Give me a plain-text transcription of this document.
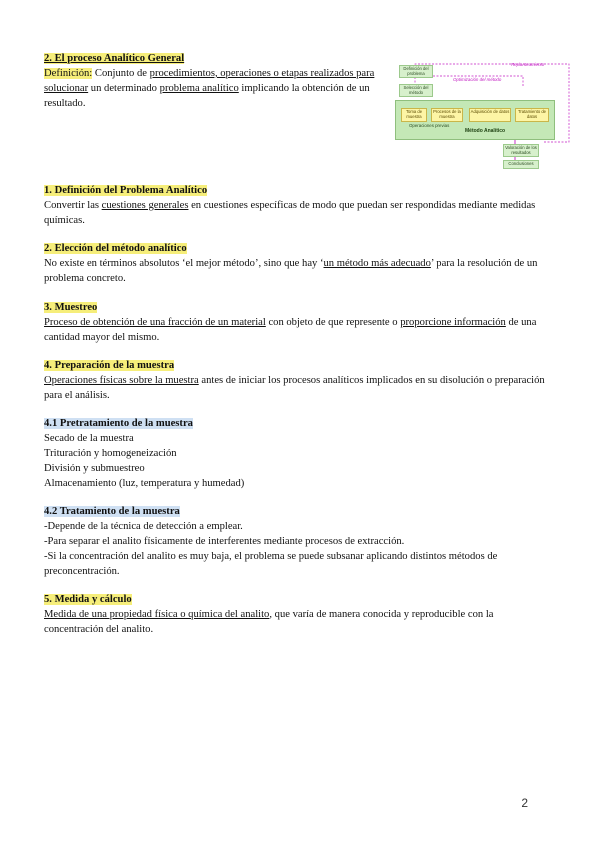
2. El proceso Analítico General

Definición: Conjunto de procedimientos, operaciones o etapas realizados para solucionar un determinado problema analítico implicando la obtención de un resultado.

Replanteamiento
Optimización del método
Definición del problema
Selección del método
Toma de muestra
Procesos de la muestra
Adquisición de datos	Tratamiento de datos
Operaciones previas
Método Analítico
Valoración de los resultados
Conclusiones

1. Definición del Problema Analítico

Convertir las cuestiones generales en cuestiones específicas de modo que puedan ser respondidas mediante medidas químicas.

2. Elección del método analítico

No existe en términos absolutos ‘el mejor método’, sino que hay ‘un método más adecuado’ para la resolución de un problema concreto.

3. Muestreo

Proceso de obtención de una fracción de un material con objeto de que represente o proporcione información de una cantidad mayor del mismo.

4. Preparación de la muestra

Operaciones físicas sobre la muestra antes de iniciar los procesos analíticos implicados en su disolución o preparación para el análisis.

4.1 Pretratamiento de la muestra

Secado de la muestra

Trituración y homogeneización

División y submuestreo

Almacenamiento (luz, temperatura y humedad)

4.2 Tratamiento de la muestra

-Depende de la técnica de detección a emplear.

-Para separar el analito físicamente de interferentes mediante procesos de extracción.

-Si la concentración del analito es muy baja, el problema se puede subsanar aplicando distintos métodos de preconcentración.

5. Medida y cálculo

Medida de una propiedad física o química del analito, que varía de manera conocida y reproducible con la concentración del analito.

2
